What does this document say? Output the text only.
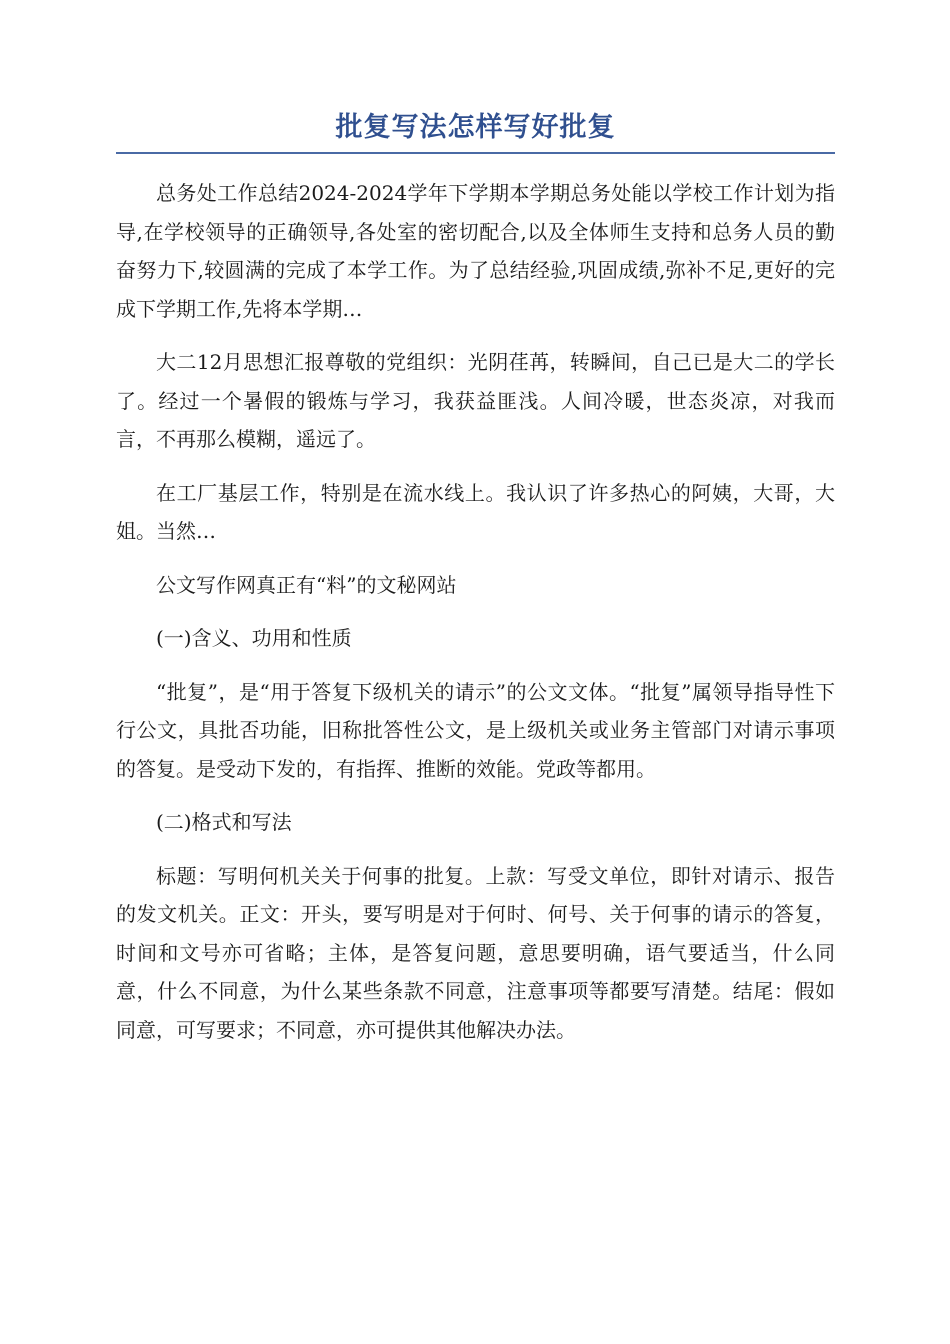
批复写法怎样写好批复

总务处工作总结2024-2024学年下学期本学期总务处能以学校工作计划为指导,在学校领导的正确领导,各处室的密切配合,以及全体师生支持和总务人员的勤奋努力下,较圆满的完成了本学工作。为了总结经验,巩固成绩,弥补不足,更好的完成下学期工作,先将本学期…

大二12月思想汇报尊敬的党组织：光阴荏苒，转瞬间，自己已是大二的学长了。经过一个暑假的锻炼与学习，我获益匪浅。人间冷暖，世态炎凉，对我而言，不再那么模糊，遥远了。

在工厂基层工作，特别是在流水线上。我认识了许多热心的阿姨，大哥，大姐。当然…

公文写作网真正有“料”的文秘网站

(一)含义、功用和性质

“批复”，是“用于答复下级机关的请示”的公文文体。“批复”属领导指导性下行公文，具批否功能，旧称批答性公文，是上级机关或业务主管部门对请示事项的答复。是受动下发的，有指挥、推断的效能。党政等都用。

(二)格式和写法

标题：写明何机关关于何事的批复。上款：写受文单位，即针对请示、报告的发文机关。正文：开头，要写明是对于何时、何号、关于何事的请示的答复，时间和文号亦可省略；主体，是答复问题，意思要明确，语气要适当，什么同意，什么不同意，为什么某些条款不同意，注意事项等都要写清楚。结尾：假如同意，可写要求；不同意，亦可提供其他解决办法。
